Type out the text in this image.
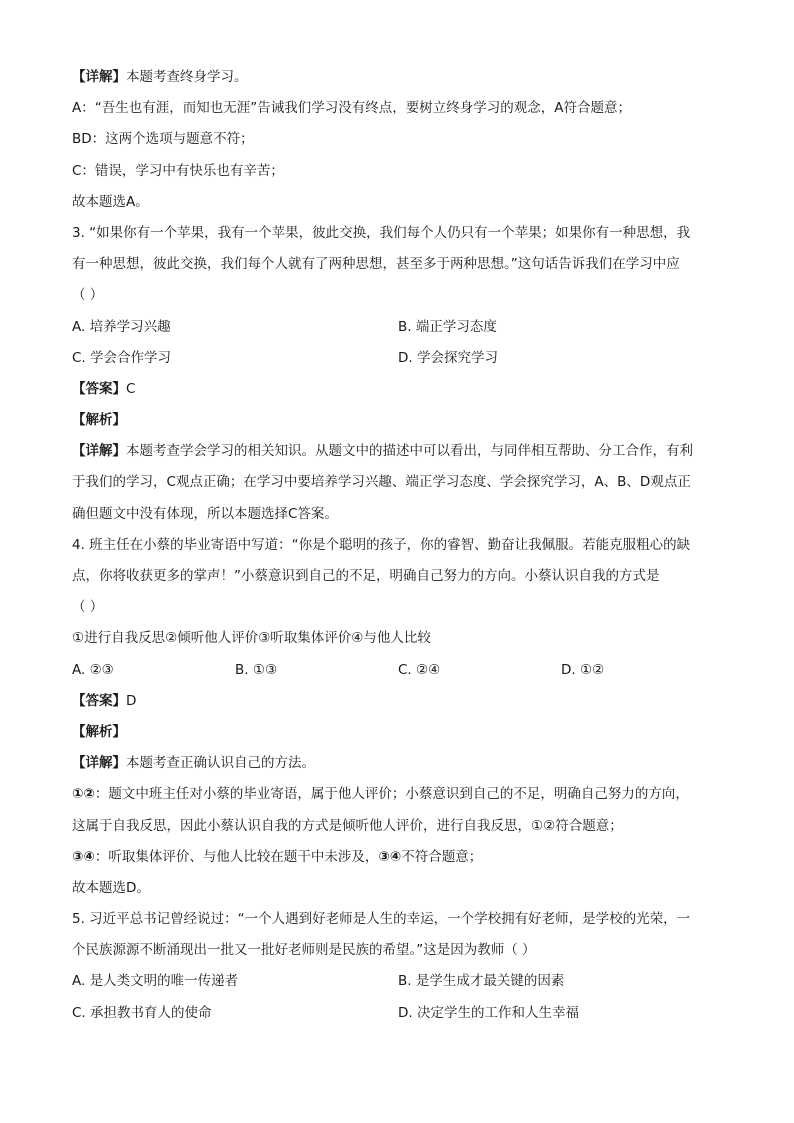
【详解】本题考查终身学习。
A：“吾生也有涯，而知也无涯”告诫我们学习没有终点，要树立终身学习的观念，A符合题意；
BD：这两个选项与题意不符；
C：错误，学习中有快乐也有辛苦；
故本题选A。
3. “如果你有一个苹果，我有一个苹果，彼此交换，我们每个人仍只有一个苹果；如果你有一种思想，我
有一种思想，彼此交换，我们每个人就有了两种思想，甚至多于两种思想。”这句话告诉我们在学习中应
（ ）
A. 培养学习兴趣	B. 端正学习态度
C. 学会合作学习	D. 学会探究学习
【答案】C
【解析】
【详解】本题考查学会学习的相关知识。从题文中的描述中可以看出，与同伴相互帮助、分工合作，有利
于我们的学习，C观点正确；在学习中要培养学习兴趣、端正学习态度、学会探究学习，A、B、D观点正
确但题文中没有体现，所以本题选择C答案。
4. 班主任在小蔡的毕业寄语中写道：“你是个聪明的孩子，你的睿智、勤奋让我佩服。若能克服粗心的缺
点，你将收获更多的掌声！”小蔡意识到自己的不足，明确自己努力的方向。小蔡认识自我的方式是
（ ）
①进行自我反思②倾听他人评价③听取集体评价④与他人比较
A. ②③	B. ①③	C. ②④	D. ①②
【答案】D
【解析】
【详解】本题考查正确认识自己的方法。
①②：题文中班主任对小蔡的毕业寄语，属于他人评价；小蔡意识到自己的不足，明确自己努力的方向，
这属于自我反思，因此小蔡认识自我的方式是倾听他人评价，进行自我反思，①②符合题意；
③④：听取集体评价、与他人比较在题干中未涉及，③④不符合题意；
故本题选D。
5. 习近平总书记曾经说过：“一个人遇到好老师是人生的幸运，一个学校拥有好老师，是学校的光荣，一
个民族源源不断涌现出一批又一批好老师则是民族的希望。”这是因为教师（ ）
A. 是人类文明的唯一传递者	B. 是学生成才最关键的因素
C. 承担教书育人的使命	D. 决定学生的工作和人生幸福
